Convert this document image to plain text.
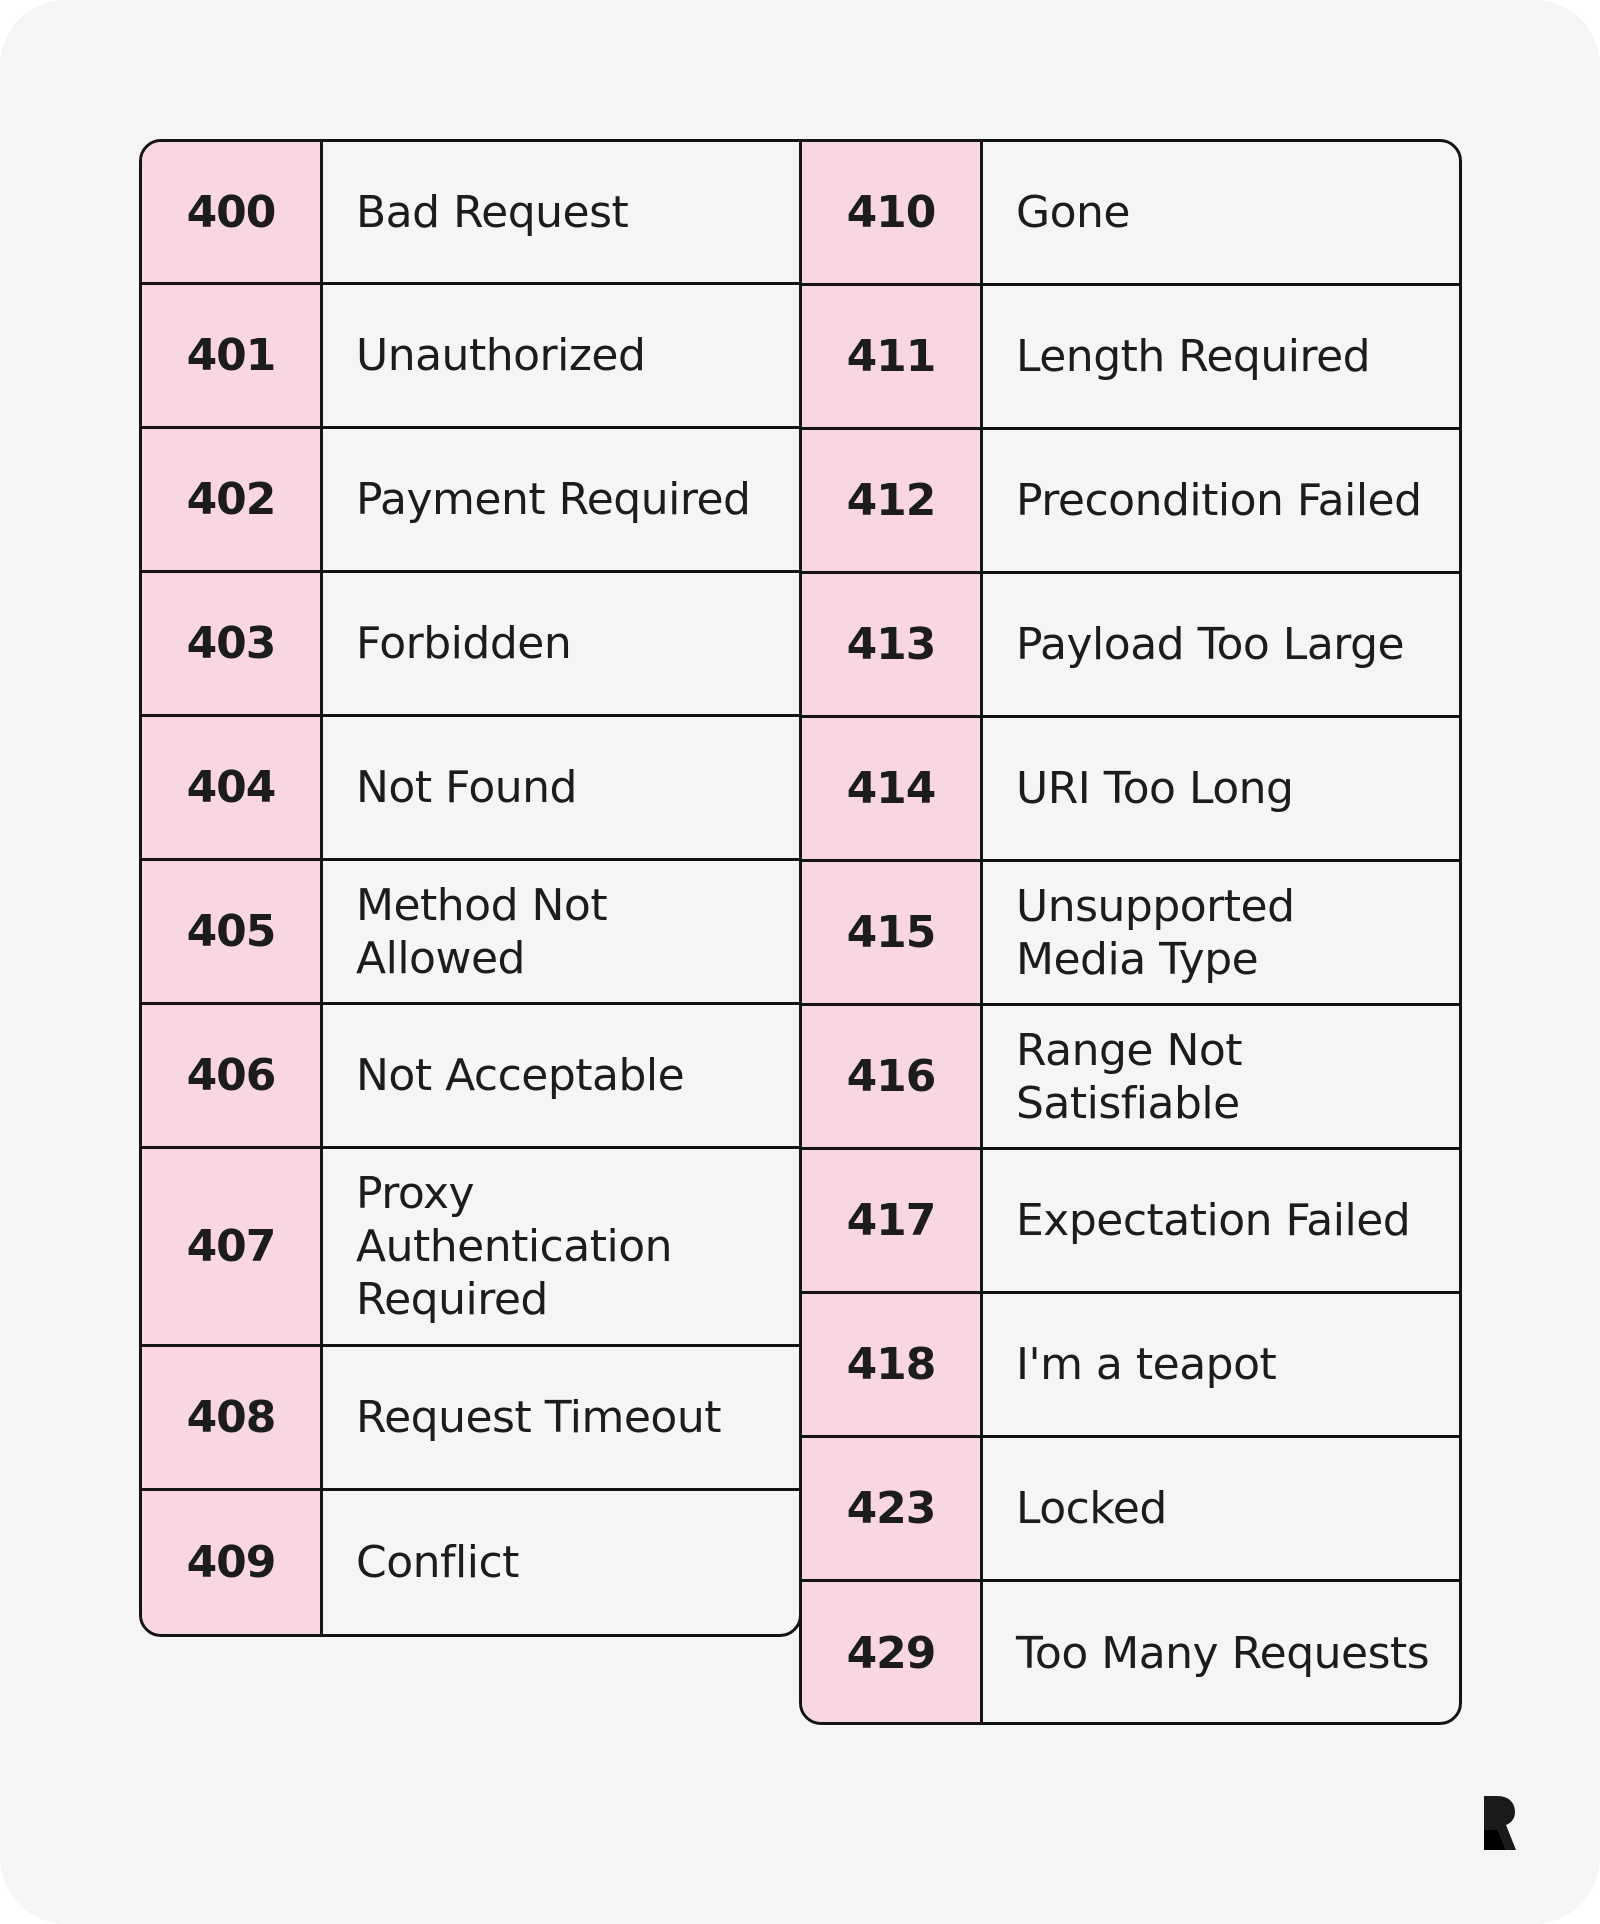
400 Bad Request
401 Unauthorized
402 Payment Required
403 Forbidden
404 Not Found
405
Method Not
Allowed
406 Not Acceptable
407
Proxy
Authentication
Required
408 Request Timeout
409 Conflict
410 Gone
411 Length Required
412 Precondition Failed
413 Payload Too Large
414 URI Too Long
415
Unsupported
Media Type
416
Range Not
Satisfiable
417 Expectation Failed
418 I'm a teapot
423 Locked
429 Too Many Requests
